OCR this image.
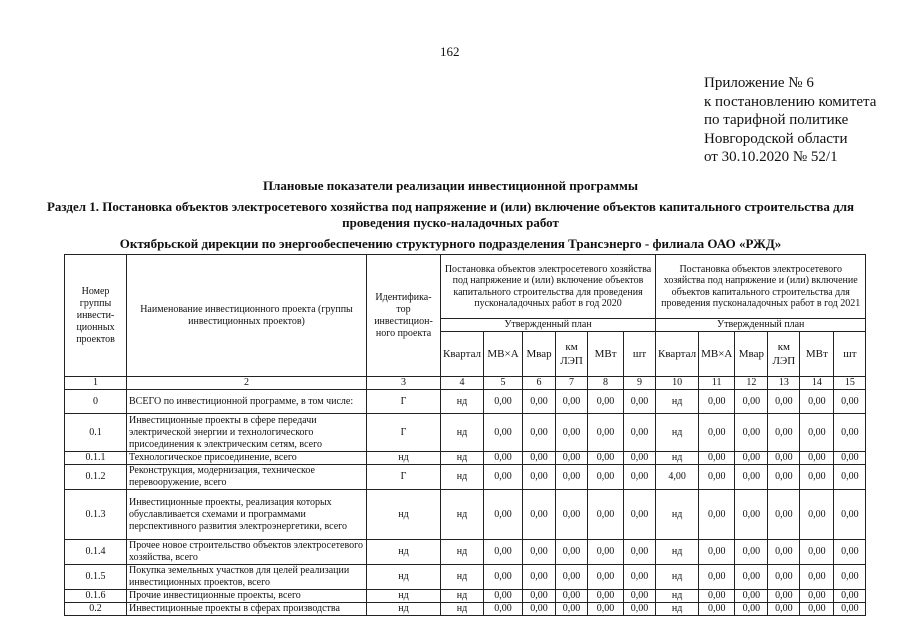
162
Приложение № 6
к постановлению комитета
по тарифной политике
Новгородской области
от 30.10.2020 № 52/1
Плановые показатели реализации инвестиционной программы
Раздел 1. Постановка объектов электросетевого хозяйства под напряжение и (или) включение объектов капитального строительства для проведения пуско-наладочных работ
Октябрьской дирекции по энергообеспечению структурного подразделения Трансэнерго - филиала ОАО «РЖД»
Номер группы инвести-ционных проектов	Наименование инвестиционного проекта (группы инвестиционных проектов)	Идентифика-тор инвестицион-ного проекта	Постановка объектов электросетевого хозяйства под напряжение и (или) включение объектов капитального строительства для проведения пусконаладочных работ в год 2020						Постановка объектов электросетевого хозяйства под напряжение и (или) включение объектов капитального строительства для проведения пусконаладочных работ в год 2021					
			Утвержденный план						Утвержденный план					
			Квартал	МВ×А	Мвар	км ЛЭП	МВт	шт	Квартал	МВ×А	Мвар	км ЛЭП	МВт	шт
1	2	3	4	5	6	7	8	9	10	11	12	13	14	15
0	ВСЕГО по инвестиционной программе, в том числе:	Г	нд	0,00	0,00	0,00	0,00	0,00	нд	0,00	0,00	0,00	0,00	0,00
0.1	Инвестиционные проекты в сфере передачи электрической энергии и технологического присоединения к электрическим сетям, всего	Г	нд	0,00	0,00	0,00	0,00	0,00	нд	0,00	0,00	0,00	0,00	0,00
0.1.1	Технологическое присоединение, всего	нд	нд	0,00	0,00	0,00	0,00	0,00	нд	0,00	0,00	0,00	0,00	0,00
0.1.2	Реконструкция, модернизация, техническое перевооружение, всего	Г	нд	0,00	0,00	0,00	0,00	0,00	4,00	0,00	0,00	0,00	0,00	0,00
0.1.3	Инвестиционные проекты, реализация которых обуславливается схемами и программами перспективного развития электроэнергетики, всего	нд	нд	0,00	0,00	0,00	0,00	0,00	нд	0,00	0,00	0,00	0,00	0,00
0.1.4	Прочее новое строительство объектов электросетевого хозяйства, всего	нд	нд	0,00	0,00	0,00	0,00	0,00	нд	0,00	0,00	0,00	0,00	0,00
0.1.5	Покупка земельных участков для целей реализации инвестиционных проектов, всего	нд	нд	0,00	0,00	0,00	0,00	0,00	нд	0,00	0,00	0,00	0,00	0,00
0.1.6	Прочие инвестиционные проекты, всего	нд	нд	0,00	0,00	0,00	0,00	0,00	нд	0,00	0,00	0,00	0,00	0,00
0.2	Инвестиционные проекты в сферах производства	нд	нд	0,00	0,00	0,00	0,00	0,00	нд	0,00	0,00	0,00	0,00	0,00
